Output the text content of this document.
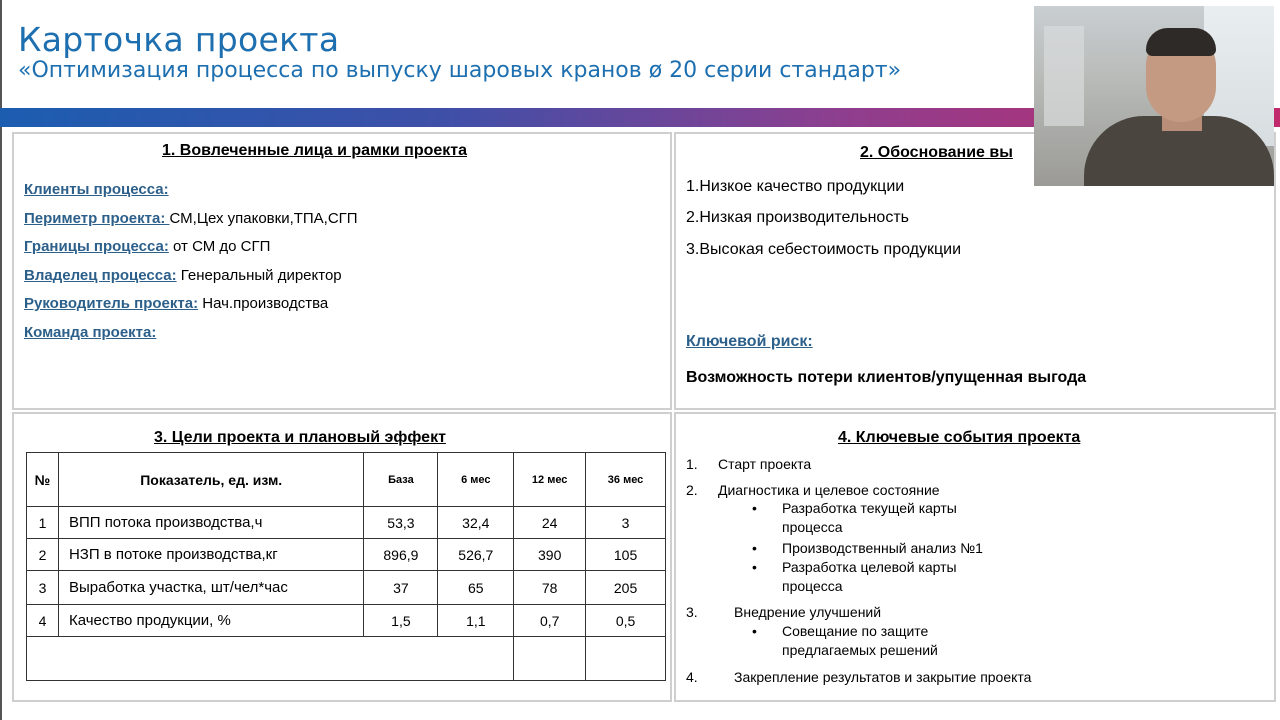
Карточка проекта
«Оптимизация процесса по выпуску шаровых кранов ø 20 серии стандарт»
1. Вовлеченные лица и рамки проекта
Клиенты процесса:
Периметр проекта: СМ,Цех упаковки,ТПА,СГП
Границы процесса: от СМ до СГП
Владелец процесса: Генеральный директор
Руководитель проекта: Нач.производства
Команда проекта:
2. Обоснование вы
1.Низкое качество продукции
2.Низкая производительность
3.Высокая себестоимость продукции
Ключевой риск:
Возможность потери клиентов/упущенная выгода
3. Цели проекта и плановый эффект
№	Показатель, ед. изм.	База	6 мес	12 мес	36 мес
1	ВПП потока производства,ч	53,3	32,4	24	3
2	НЗП в потоке производства,кг	896,9	526,7	390	105
3	Выработка участка, шт/чел*час	37	65	78	205
4	Качество продукции, %	1,5	1,1	0,7	0,5

4. Ключевые события проекта
1. Старт проекта
2. Диагностика и целевое состояние
• Разработка текущей карты процесса
• Производственный анализ №1
• Разработка целевой карты процесса
3.	Внедрение улучшений
• Совещание по защите предлагаемых решений
4.	Закрепление результатов и закрытие проекта
